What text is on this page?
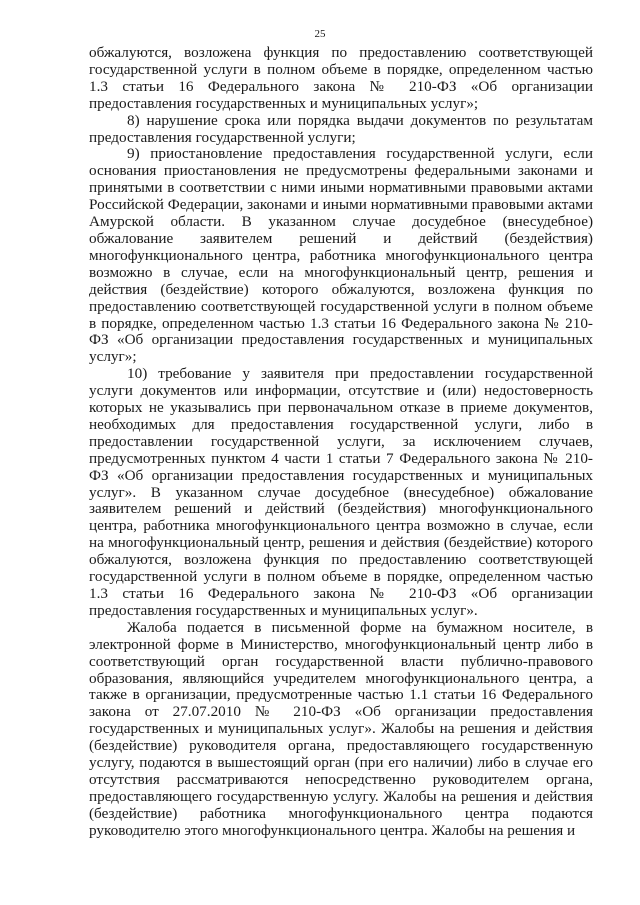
25

обжалуются, возложена функция по предоставлению соответствующей государственной услуги в полном объеме в порядке, определенном частью 1.3 статьи 16 Федерального закона № 210-ФЗ «Об организации предоставления государственных и муниципальных услуг»;

8) нарушение срока или порядка выдачи документов по результатам предоставления государственной услуги;

9) приостановление предоставления государственной услуги, если основания приостановления не предусмотрены федеральными законами и принятыми в соответствии с ними иными нормативными правовыми актами Российской Федерации, законами и иными нормативными правовыми актами Амурской области. В указанном случае досудебное (внесудебное) обжалование заявителем решений и действий (бездействия) многофункционального центра, работника многофункционального центра возможно в случае, если на многофункциональный центр, решения и действия (бездействие) которого обжалуются, возложена функция по предоставлению соответствующей государственной услуги в полном объеме в порядке, определенном частью 1.3 статьи 16 Федерального закона № 210-ФЗ «Об организации предоставления государственных и муниципальных услуг»;

10) требование у заявителя при предоставлении государственной услуги документов или информации, отсутствие и (или) недостоверность которых не указывались при первоначальном отказе в приеме документов, необходимых для предоставления государственной услуги, либо в предоставлении государственной услуги, за исключением случаев, предусмотренных пунктом 4 части 1 статьи 7 Федерального закона № 210-ФЗ «Об организации предоставления государственных и муниципальных услуг». В указанном случае досудебное (внесудебное) обжалование заявителем решений и действий (бездействия) многофункционального центра, работника многофункционального центра возможно в случае, если на многофункциональный центр, решения и действия (бездействие) которого обжалуются, возложена функция по предоставлению соответствующей государственной услуги в полном объеме в порядке, определенном частью 1.3 статьи 16 Федерального закона № 210-ФЗ «Об организации предоставления государственных и муниципальных услуг».

Жалоба подается в письменной форме на бумажном носителе, в электронной форме в Министерство, многофункциональный центр либо в соответствующий орган государственной власти публично-правового образования, являющийся учредителем многофункционального центра, а также в организации, предусмотренные частью 1.1 статьи 16 Федерального закона от 27.07.2010 № 210-ФЗ «Об организации предоставления государственных и муниципальных услуг». Жалобы на решения и действия (бездействие) руководителя органа, предоставляющего государственную услугу, подаются в вышестоящий орган (при его наличии) либо в случае его отсутствия рассматриваются непосредственно руководителем органа, предоставляющего государственную услугу. Жалобы на решения и действия (бездействие) работника многофункционального центра подаются руководителю этого многофункционального центра. Жалобы на решения и
